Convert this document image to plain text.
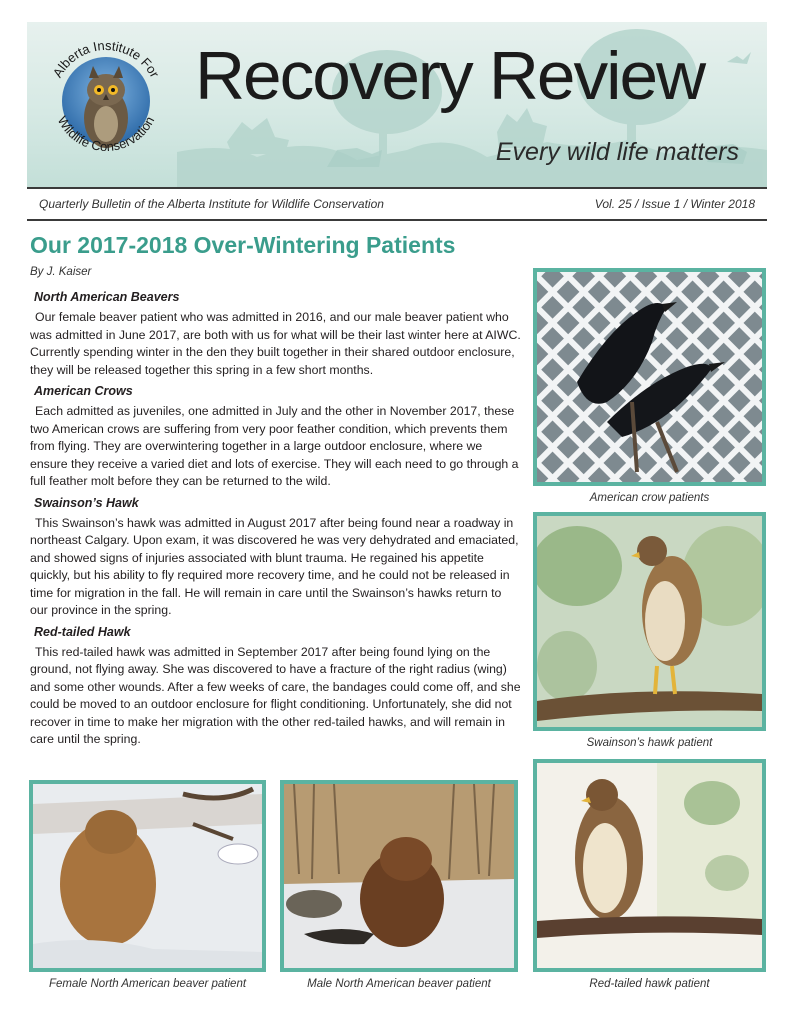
Alberta Institute For
Wildlife Conservation
Recovery Review
Every wild life matters
Quarterly Bulletin of the Alberta Institute for Wildlife Conservation	Vol. 25 / Issue 1 / Winter 2018
Our 2017-2018 Over-Wintering Patients
By J. Kaiser
North American Beavers

Our female beaver patient who was admitted in 2016, and our male beaver patient who was admitted in June 2017, are both with us for what will be their last winter here at AIWC. Currently spending winter in the den they built together in their shared outdoor enclosure, they will be released together this spring in a few short months.

American Crows

Each admitted as juveniles, one admitted in July and the other in November 2017, these two American crows are suffering from very poor feather condition, which prevents them from flying. They are overwintering together in a large outdoor enclosure, where we ensure they receive a varied diet and lots of exercise. They will each need to go through a full feather molt before they can be returned to the wild.

Swainson’s Hawk

This Swainson’s hawk was admitted in August 2017 after being found near a roadway in northeast Calgary. Upon exam, it was discovered he was very dehydrated and emaciated, and showed signs of injuries associated with blunt trauma. He regained his appetite quickly, but his ability to fly required more recovery time, and he could not be released in time for migration in the fall. He will remain in care until the Swainson’s hawks return to our province in the spring.

Red-tailed Hawk

This red-tailed hawk was admitted in September 2017 after being found lying on the ground, not flying away. She was discovered to have a fracture of the right radius (wing) and some other wounds. After a few weeks of care, the bandages could come off, and she could be moved to an outdoor enclosure for flight conditioning. Unfortunately, she did not recover in time to make her migration with the other red-tailed hawks, and will remain in care until the spring.

American crow patients
Swainson’s hawk patient
Female North American beaver patient	Male North American beaver patient	Red-tailed hawk patient
